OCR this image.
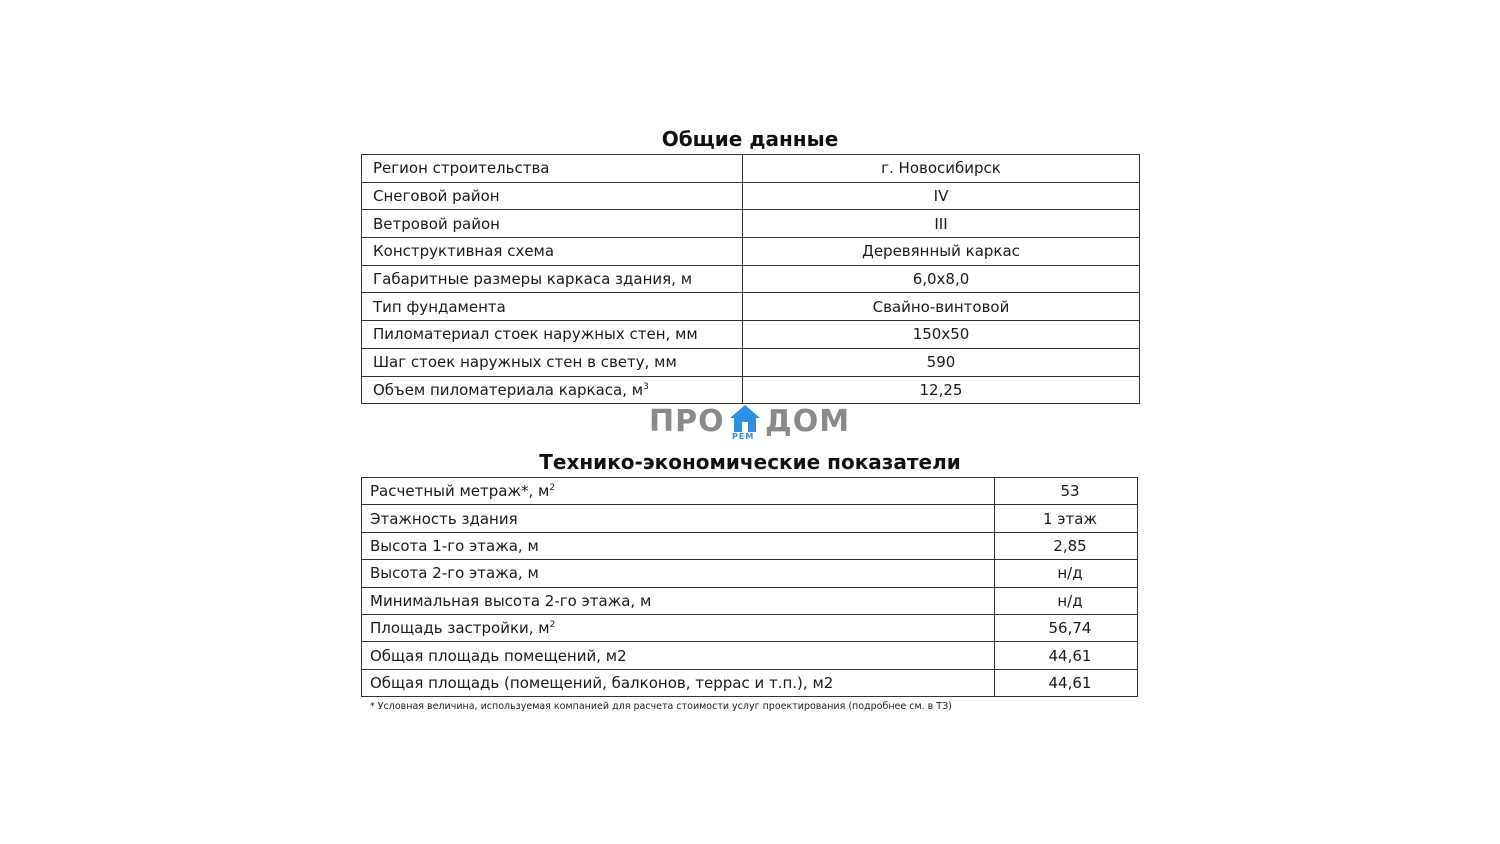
Общие данные
Регион строительства	г. Новосибирск
Снеговой район	IV
Ветровой район	III
Конструктивная схема	Деревянный каркас
Габаритные размеры каркаса здания, м	6,0х8,0
Тип фундамента	Свайно-винтовой
Пиломатериал стоек наружных стен, мм	150х50
Шаг стоек наружных стен в свету, мм	590
Объем пиломатериала каркаса, $м^3$	12,25
ПРО РЕМ ДОМ
Технико-экономические показатели
Расчетный метраж*, $м^2$	53
Этажность здания	1 этаж
Высота 1-го этажа, м	2,85
Высота 2-го этажа, м	н/д
Минимальная высота 2-го этажа, м	н/д
Площадь застройки, $м^2$	56,74
Общая площадь помещений, м2	44,61
Общая площадь (помещений, балконов, террас и т.п.), м2	44,61
* Условная величина, используемая компанией для расчета стоимости услуг проектирования (подробнее см. в ТЗ)
